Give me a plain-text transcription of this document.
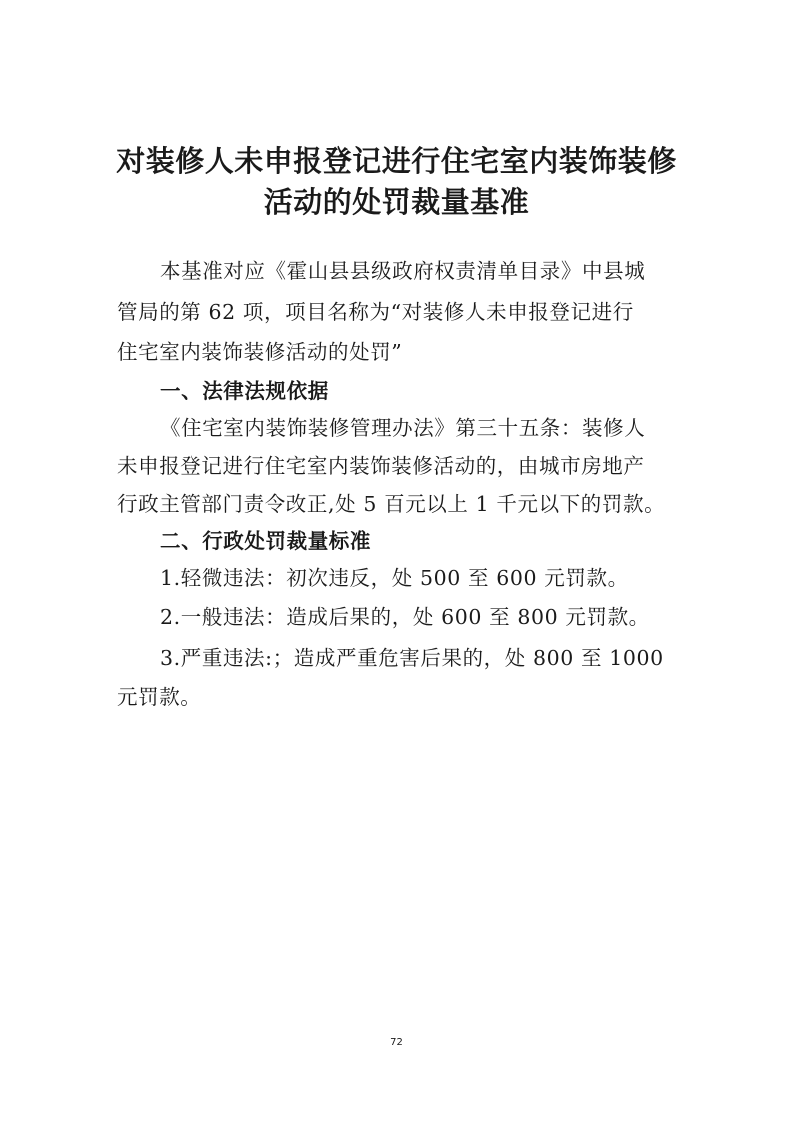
对装修人未申报登记进行住宅室内装饰装修
活动的处罚裁量基准

本基准对应《霍山县县级政府权责清单目录》中县城

管局的第 62 项，项目名称为“对装修人未申报登记进行

住宅室内装饰装修活动的处罚”

一、法律法规依据

《住宅室内装饰装修管理办法》第三十五条：装修人

未申报登记进行住宅室内装饰装修活动的，由城市房地产

行政主管部门责令改正,处 5 百元以上 1 千元以下的罚款。

二、行政处罚裁量标准

1.轻微违法：初次违反，处 500 至 600 元罚款。

2.一般违法：造成后果的，处 600 至 800 元罚款。

3.严重违法:；造成严重危害后果的，处 800 至 1000

元罚款。

72
